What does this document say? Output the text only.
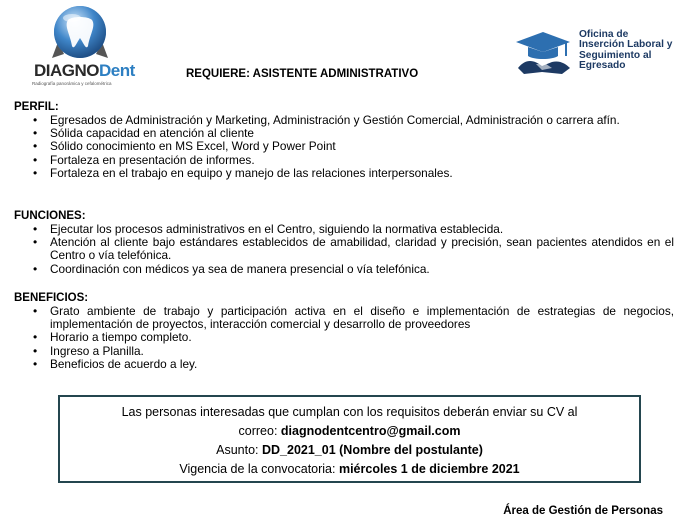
DIAGNODent
Radiografía panorámica y cefalométrica
Oficina de
Inserción Laboral y
Seguimiento al
Egresado
REQUIERE: ASISTENTE ADMINISTRATIVO
PERFIL:
• Egresados de Administración y Marketing, Administración y Gestión Comercial, Administración o carrera afín.
• Sólida capacidad en atención al cliente
• Sólido conocimiento en MS Excel, Word y Power Point
• Fortaleza en presentación de informes.
• Fortaleza en el trabajo en equipo y manejo de las relaciones interpersonales.
FUNCIONES:
• Ejecutar los procesos administrativos en el Centro, siguiendo la normativa establecida.
• Atención al cliente bajo estándares establecidos de amabilidad, claridad y precisión, sean pacientes atendidos en el Centro o vía telefónica.
• Coordinación con médicos ya sea de manera presencial o vía telefónica.
BENEFICIOS:
• Grato ambiente de trabajo y participación activa en el diseño e implementación de estrategias de negocios, implementación de proyectos, interacción comercial y desarrollo de proveedores
• Horario a tiempo completo.
• Ingreso a Planilla.
• Beneficios de acuerdo a ley.
Las personas interesadas que cumplan con los requisitos deberán enviar su CV al
correo: diagnodentcentro@gmail.com
Asunto: DD_2021_01 (Nombre del postulante)
Vigencia de la convocatoria: miércoles 1 de diciembre 2021
Área de Gestión de Personas
